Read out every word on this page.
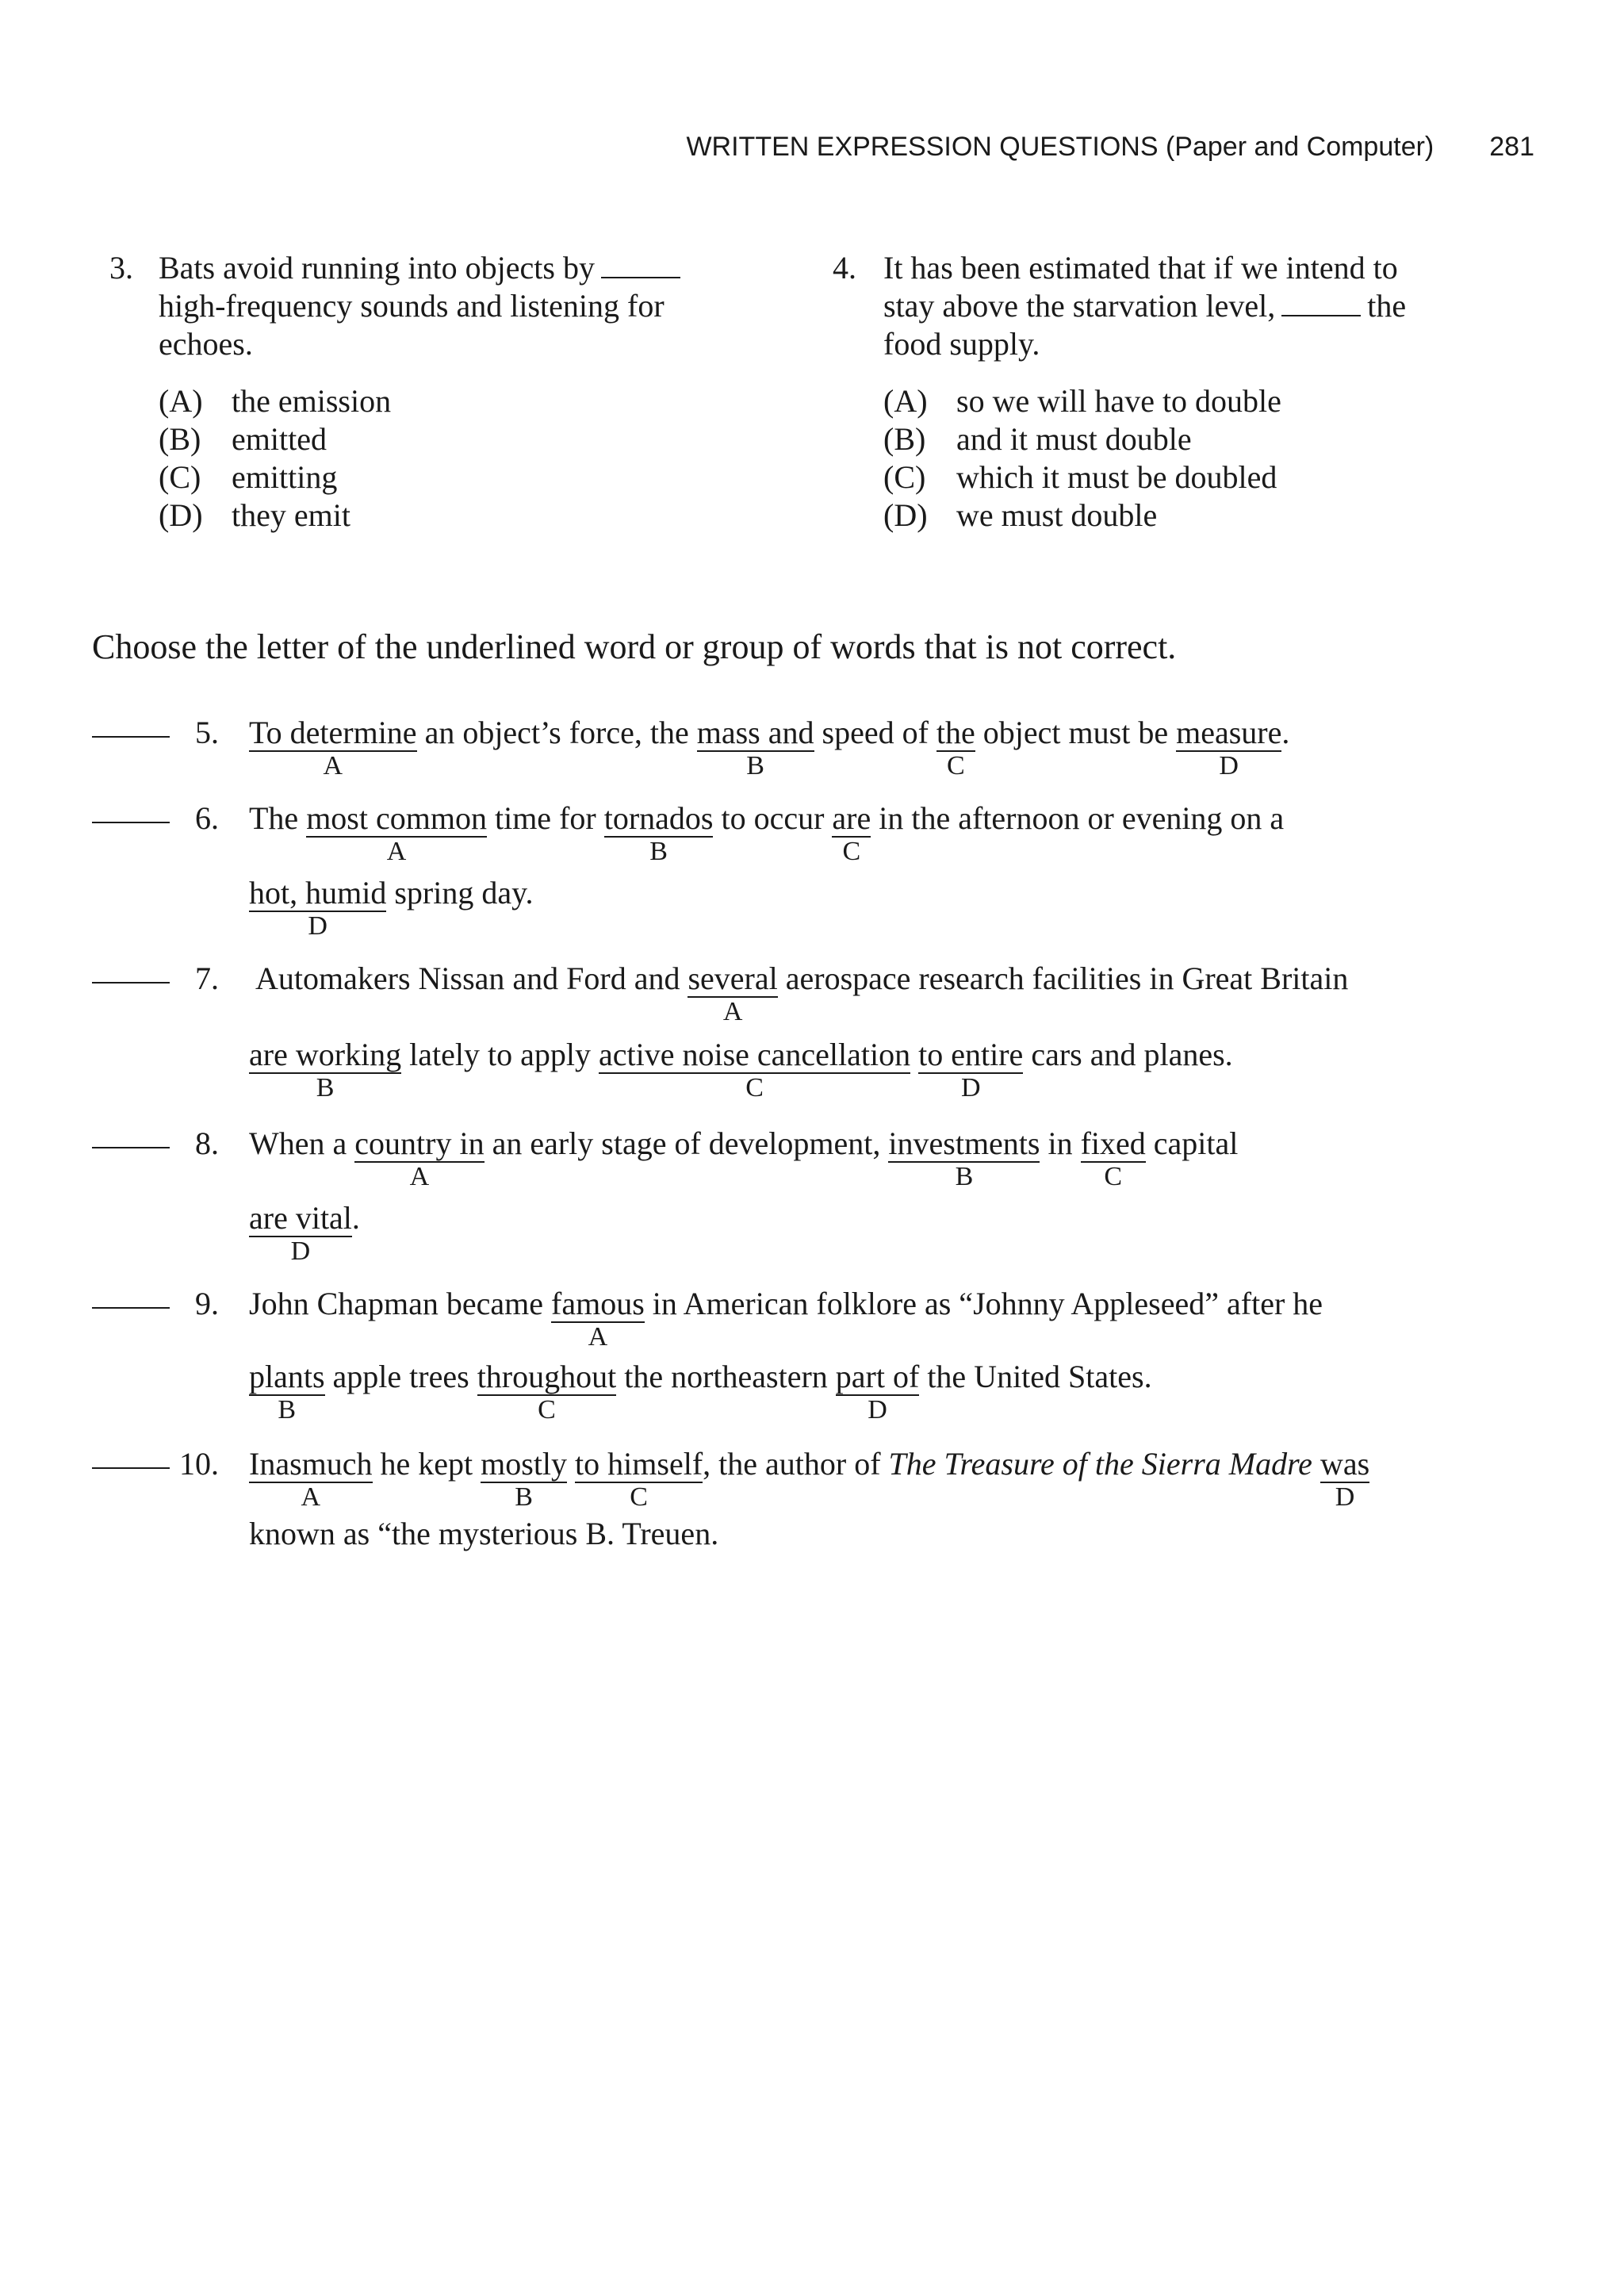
WRITTEN EXPRESSION QUESTIONS (Paper and Computer) 281
3. Bats avoid running into objects by
high-frequency sounds and listening for
echoes.
(A) the emission
(B) emitted
(C) emitting
(D) they emit
4. It has been estimated that if we intend to
stay above the starvation level,	the
food supply.
(A) so we will have to double
(B) and it must double
(C) which it must be doubled
(D) we must double
Choose the letter of the underlined word or group of words that is not correct.
5. To determine
A
an object’s force, the mass and
B
speed of the
C
object must be measure
D
.
6. The most common
A
time for tornados
B
to occur are
C
in the afternoon or evening on a
hot, humid
D
spring day.
7. Automakers Nissan and Ford and several
A
aerospace research facilities in Great Britain
are working
B
lately to apply active noise cancellation
C
to entire
D
cars and planes.
8. When a country in
A
an early stage of development, investments
B
in fixed
C
capital
are vital
D
.
9. John Chapman became famous
A
in American folklore as “Johnny Appleseed” after he
plants
B
apple trees throughout
C
the northeastern part of
D
the United States.
10. Inasmuch
A
he kept mostly
B
to himself
C
, the author of The Treasure of the Sierra Madre was
D
known as “the mysterious B. Treuen.
